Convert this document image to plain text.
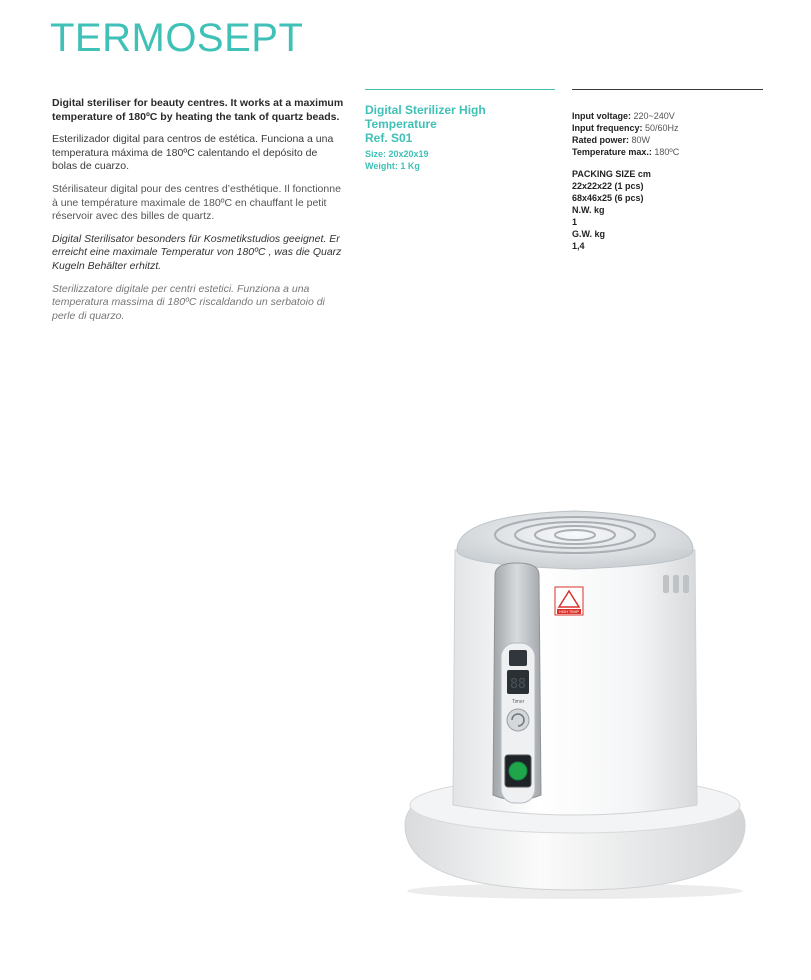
TERMOSEPT

Digital steriliser for beauty centres. It works at a maximum temperature of 180ºC by heating the tank of quartz beads.

Esterilizador digital para centros de estética. Funciona a una temperatura máxima de 180ºC calentando el depósito de bolas de cuarzo.

Stérilisateur digital pour des centres d’esthétique. Il fonctionne à une température maximale de 180ºC en chauffant le petit réservoir avec des billes de quartz.

Digital Sterilisator besonders für Kosmetikstudios geeignet. Er erreicht eine maximale Temperatur von 180ºC , was die Quarz Kugeln Behälter erhitzt.

Sterilizzatore digitale per centri estetici. Funziona a una temperatura massima di 180ºC riscaldando un serbatoio di perle di quarzo.

Digital Sterilizer High Temperature
Ref. S01
Size: 20x20x19
Weight: 1 Kg
Input voltage: 220~240V
Input frequency: 50/60Hz
Rated power: 80W
Temperature max.: 180ºC
PACKING SIZE cm
22x22x22 (1 pcs)
68x46x25 (6 pcs)
N.W. kg
1
G.W. kg
1,4
88
Timer
HIGH TEMP
